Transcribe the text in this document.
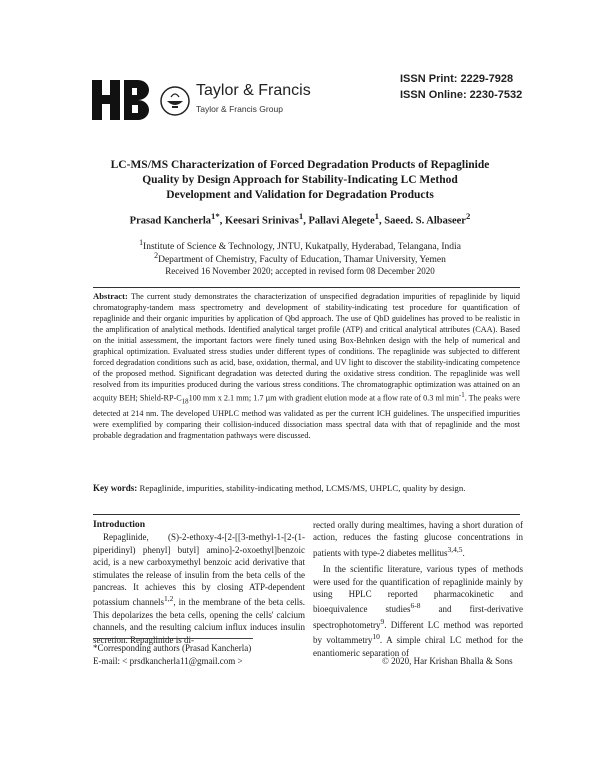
Taylor & Francis
Taylor & Francis Group
ISSN Print: 2229-7928
ISSN Online: 2230-7532
LC-MS/MS Characterization of Forced Degradation Products of Repaglinide
Quality by Design Approach for Stability-Indicating LC Method
Development and Validation for Degradation Products
Prasad Kancherla$^{1*}$, Keesari Srinivas$^1$, Pallavi Alegete$^1$, Saeed. S. Albaseer$^2$
$^1$Institute of Science & Technology, JNTU, Kukatpally, Hyderabad, Telangana, India
$^2$Department of Chemistry, Faculty of Education, Thamar University, Yemen
Received 16 November 2020; accepted in revised form 08 December 2020
Abstract: The current study demonstrates the characterization of unspecified degradation impurities of repaglinide by liquid chromatography-tandem mass spectrometry and development of stability-indicating test procedure for quantification of repaglinide and their organic impurities by application of Qbd approach. The use of QbD guidelines has proved to be realistic in the amplification of analytical methods. Identified analytical target profile (ATP) and critical analytical attributes (CAA). Based on the initial assessment, the important factors were finely tuned using Box-Behnken design with the help of numerical and graphical optimization. Evaluated stress studies under different types of conditions. The repaglinide was subjected to different forced degradation conditions such as acid, base, oxidation, thermal, and UV light to discover the stability-indicating competence of the proposed method. Significant degradation was detected during the oxidative stress condition. The repaglinide was well resolved from its impurities produced during the various stress conditions. The chromatographic optimization was attained on an acquity BEH; Shield-$RP-C_{18}100$ mm x 2.1 mm; 1.7 µm with gradient elution mode at a flow rate of 0.3 ml $\min^{-1}$. The peaks were detected at 214 nm. The developed UHPLC method was validated as per the current ICH guidelines. The unspecified impurities were exemplified by comparing their collision-induced dissociation mass spectral data with that of repaglinide and the most probable degradation and fragmentation pathways were discussed.
Key words: Repaglinide, impurities, stability-indicating method, LCMS/MS, UHPLC, quality by design.

Introduction

Repaglinide, (S)-2-ethoxy-4-[2-[[3-methyl-1-[2-(1-piperidinyl) phenyl] butyl] amino]-2-oxoethyl]benzoic acid, is a new carboxymethyl benzoic acid derivative that stimulates the release of insulin from the beta cells of the pancreas. It achieves this by closing ATP-dependent potassium channels$^{1,2}$, in the membrane of the beta cells. This depolarizes the beta cells, opening the cells' calcium channels, and the resulting calcium influx induces insulin secretion. Repaglinide is di-

rected orally during mealtimes, having a short duration of action, reduces the fasting glucose concentrations in patients with type-2 diabetes mellitus$^{3,4,5}$.

In the scientific literature, various types of methods were used for the quantification of repaglinide mainly by using HPLC reported pharmacokinetic and bioequivalence studies$^{6-8}$ and first-derivative spectrophotometry$^9$. Different LC method was reported by voltammetry$^{10}$. A simple chiral LC method for the enantiomeric separation of

*Corresponding authors (Prasad Kancherla)
E-mail: < prsdkancherla11@gmail.com >	© 2020, Har Krishan Bhalla & Sons
